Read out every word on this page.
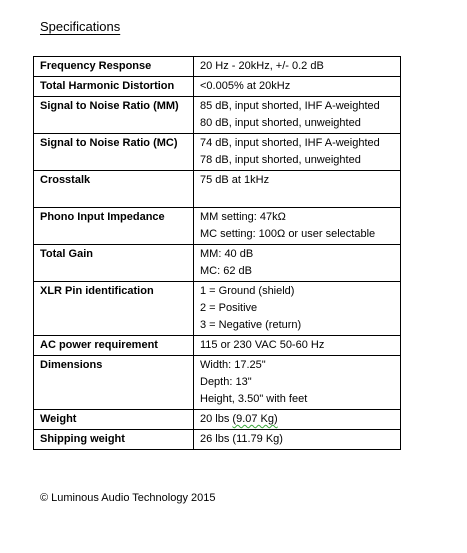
Specifications
Frequency Response	20 Hz - 20kHz, +/- 0.2 dB

Total Harmonic Distortion	<0.005% at 20kHz

Signal to Noise Ratio (MM)	85 dB, input shorted, IHF A-weighted
80 dB, input shorted, unweighted

Signal to Noise Ratio (MC)	74 dB, input shorted, IHF A-weighted
78 dB, input shorted, unweighted

Crosstalk	75 dB at 1kHz

Phono Input Impedance	MM setting: 47kΩ
MC setting: 100Ω or user selectable

Total Gain	MM: 40 dB
MC: 62 dB

XLR Pin identification	1 = Ground (shield)
2 = Positive
3 = Negative (return)

AC power requirement	115 or 230 VAC 50-60 Hz

Dimensions	Width: 17.25"
Depth: 13"
Height, 3.50" with feet

Weight	20 lbs (9.07 Kg)

Shipping weight	26 lbs (11.79 Kg)
© Luminous Audio Technology 2015
